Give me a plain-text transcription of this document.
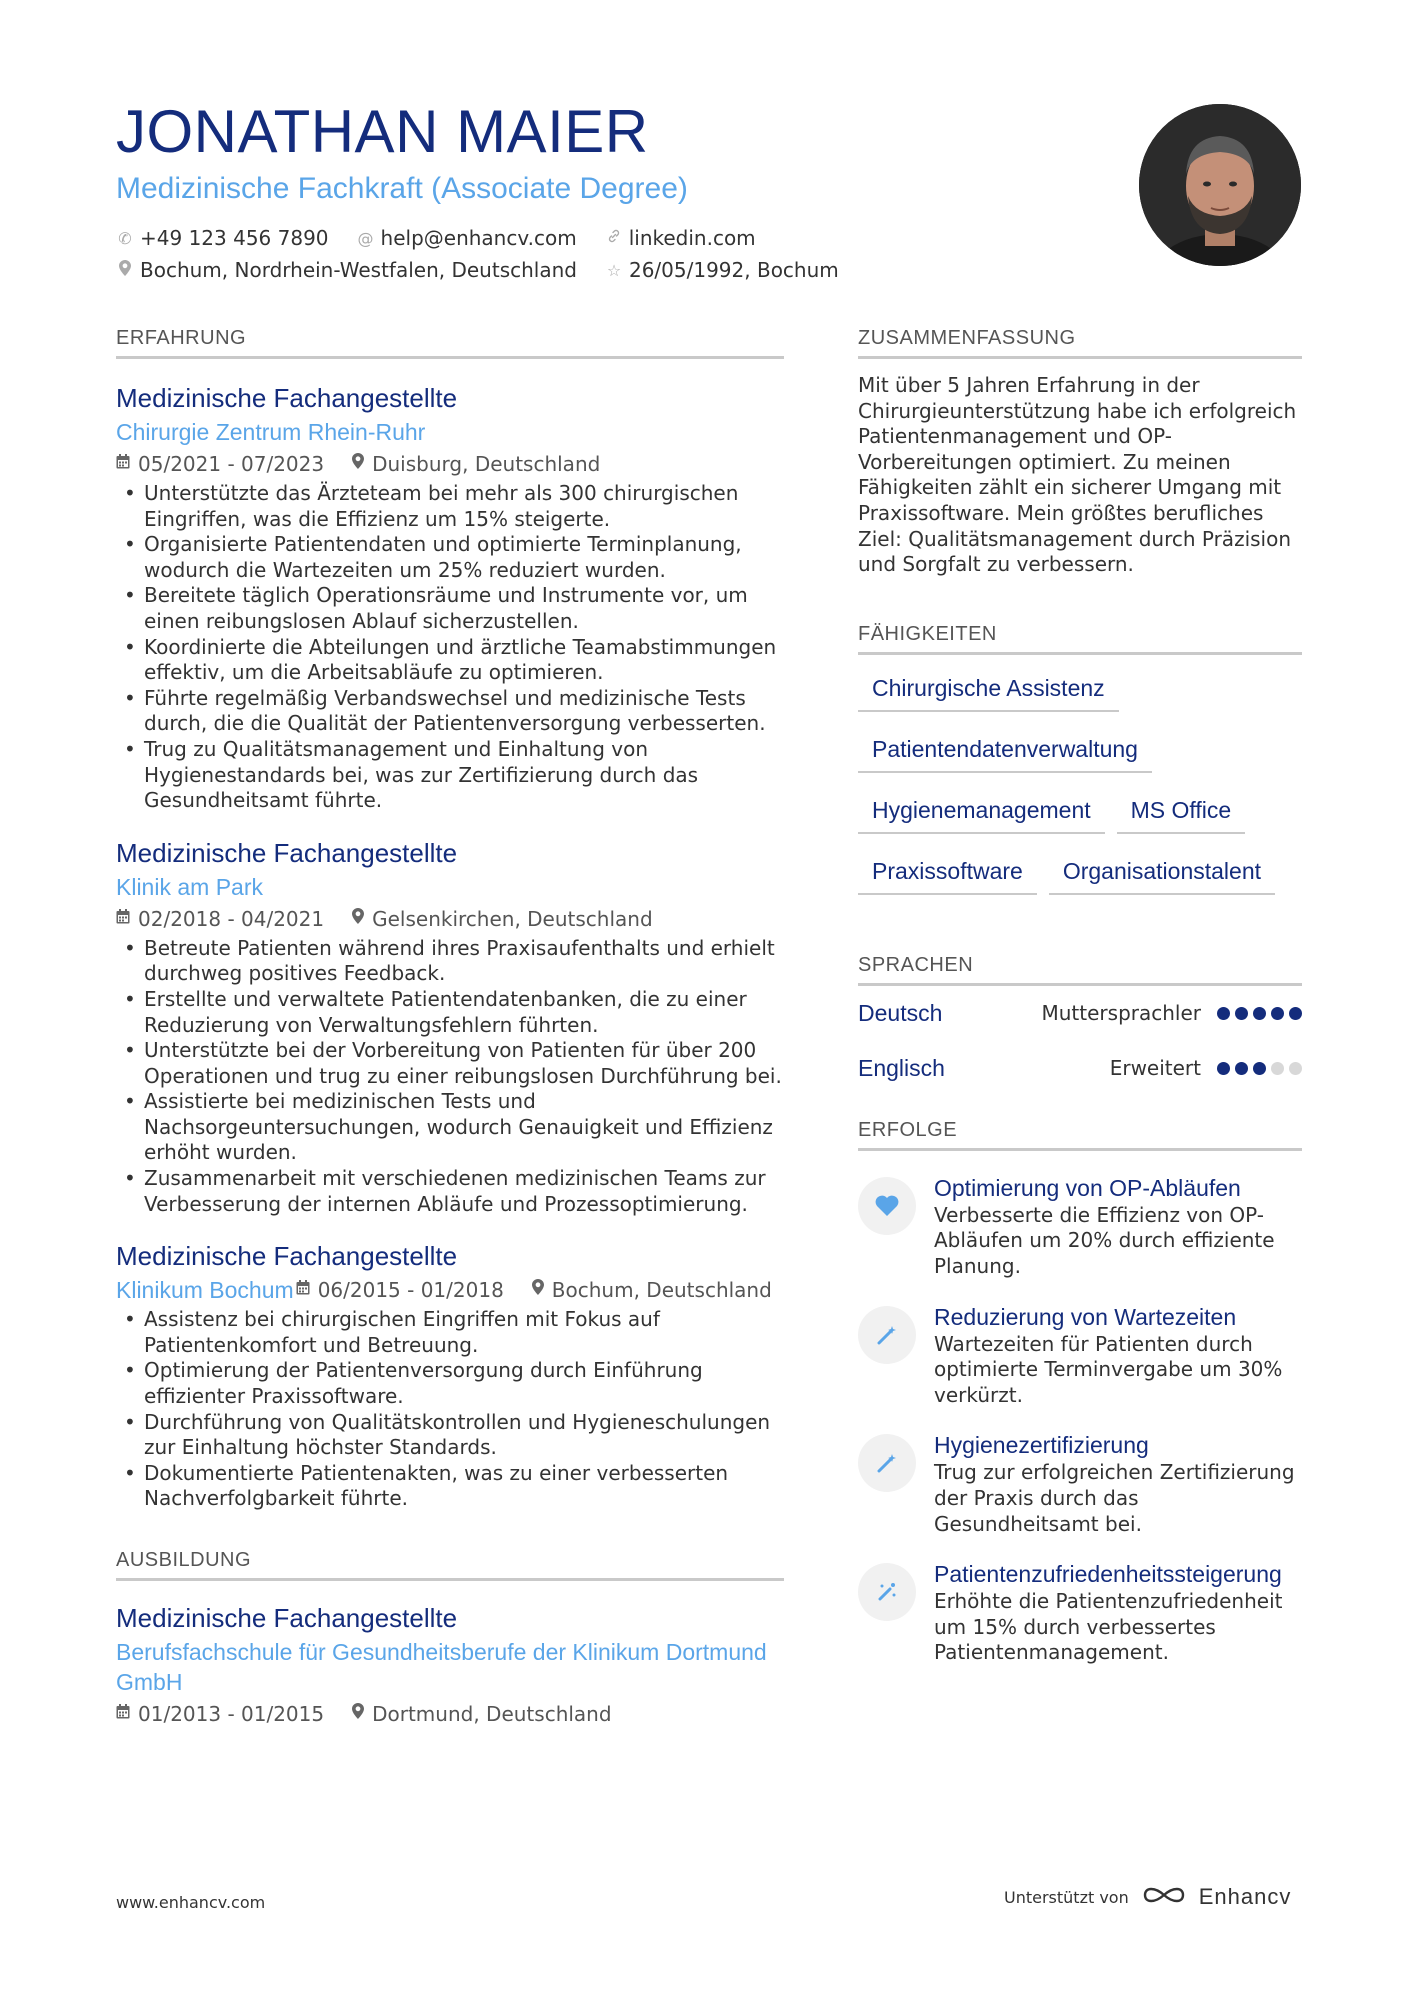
JONATHAN MAIER
Medizinische Fachkraft (Associate Degree)
✆ +49 123 456 7890 @ help@enhancv.com	linkedin.com
Bochum, Nordrhein-Westfalen, Deutschland ☆ 26/05/1992, Bochum
ERFAHRUNG
Medizinische Fachangestellte
Chirurgie Zentrum Rhein-Ruhr
05/2021 - 07/2023 Duisburg, Deutschland
• Unterstützte das Ärzteteam bei mehr als 300 chirurgischen Eingriffen, was die Effizienz um 15% steigerte.
• Organisierte Patientendaten und optimierte Terminplanung, wodurch die Wartezeiten um 25% reduziert wurden.
• Bereitete täglich Operationsräume und Instrumente vor, um einen reibungslosen Ablauf sicherzustellen.
• Koordinierte die Abteilungen und ärztliche Teamabstimmungen effektiv, um die Arbeitsabläufe zu optimieren.
• Führte regelmäßig Verbandswechsel und medizinische Tests durch, die die Qualität der Patientenversorgung verbesserten.
• Trug zu Qualitätsmanagement und Einhaltung von Hygienestandards bei, was zur Zertifizierung durch das Gesundheitsamt führte.
Medizinische Fachangestellte
Klinik am Park
02/2018 - 04/2021 Gelsenkirchen, Deutschland
• Betreute Patienten während ihres Praxisaufenthalts und erhielt durchweg positives Feedback.
• Erstellte und verwaltete Patientendatenbanken, die zu einer Reduzierung von Verwaltungsfehlern führten.
• Unterstützte bei der Vorbereitung von Patienten für über 200 Operationen und trug zu einer reibungslosen Durchführung bei.
• Assistierte bei medizinischen Tests und Nachsorgeuntersuchungen, wodurch Genauigkeit und Effizienz erhöht wurden.
• Zusammenarbeit mit verschiedenen medizinischen Teams zur Verbesserung der internen Abläufe und Prozessoptimierung.
Medizinische Fachangestellte
Klinikum Bochum 06/2015 - 01/2018 Bochum, Deutschland
• Assistenz bei chirurgischen Eingriffen mit Fokus auf Patientenkomfort und Betreuung.
• Optimierung der Patientenversorgung durch Einführung effizienter Praxissoftware.
• Durchführung von Qualitätskontrollen und Hygieneschulungen zur Einhaltung höchster Standards.
• Dokumentierte Patientenakten, was zu einer verbesserten Nachverfolgbarkeit führte.
AUSBILDUNG
Medizinische Fachangestellte
Berufsfachschule für Gesundheitsberufe der Klinikum Dortmund GmbH
01/2013 - 01/2015 Dortmund, Deutschland
ZUSAMMENFASSUNG
Mit über 5 Jahren Erfahrung in der Chirurgieunterstützung habe ich erfolgreich Patientenmanagement und OP-Vorbereitungen optimiert. Zu meinen Fähigkeiten zählt ein sicherer Umgang mit Praxissoftware. Mein größtes berufliches Ziel: Qualitätsmanagement durch Präzision und Sorgfalt zu verbessern.
FÄHIGKEITEN
Chirurgische Assistenz
Patientendatenverwaltung
Hygienemanagement	MS Office
Praxissoftware	Organisationstalent
SPRACHEN
Deutsch	Muttersprachler
Englisch	Erweitert
ERFOLGE
Optimierung von OP-Abläufen
Verbesserte die Effizienz von OP-Abläufen um 20% durch effiziente Planung.
Reduzierung von Wartezeiten
Wartezeiten für Patienten durch optimierte Terminvergabe um 30% verkürzt.
Hygienezertifizierung
Trug zur erfolgreichen Zertifizierung der Praxis durch das Gesundheitsamt bei.
Patientenzufriedenheitssteigerung
Erhöhte die Patientenzufriedenheit um 15% durch verbessertes Patientenmanagement.
www.enhancv.com	Unterstützt von	Enhancv
